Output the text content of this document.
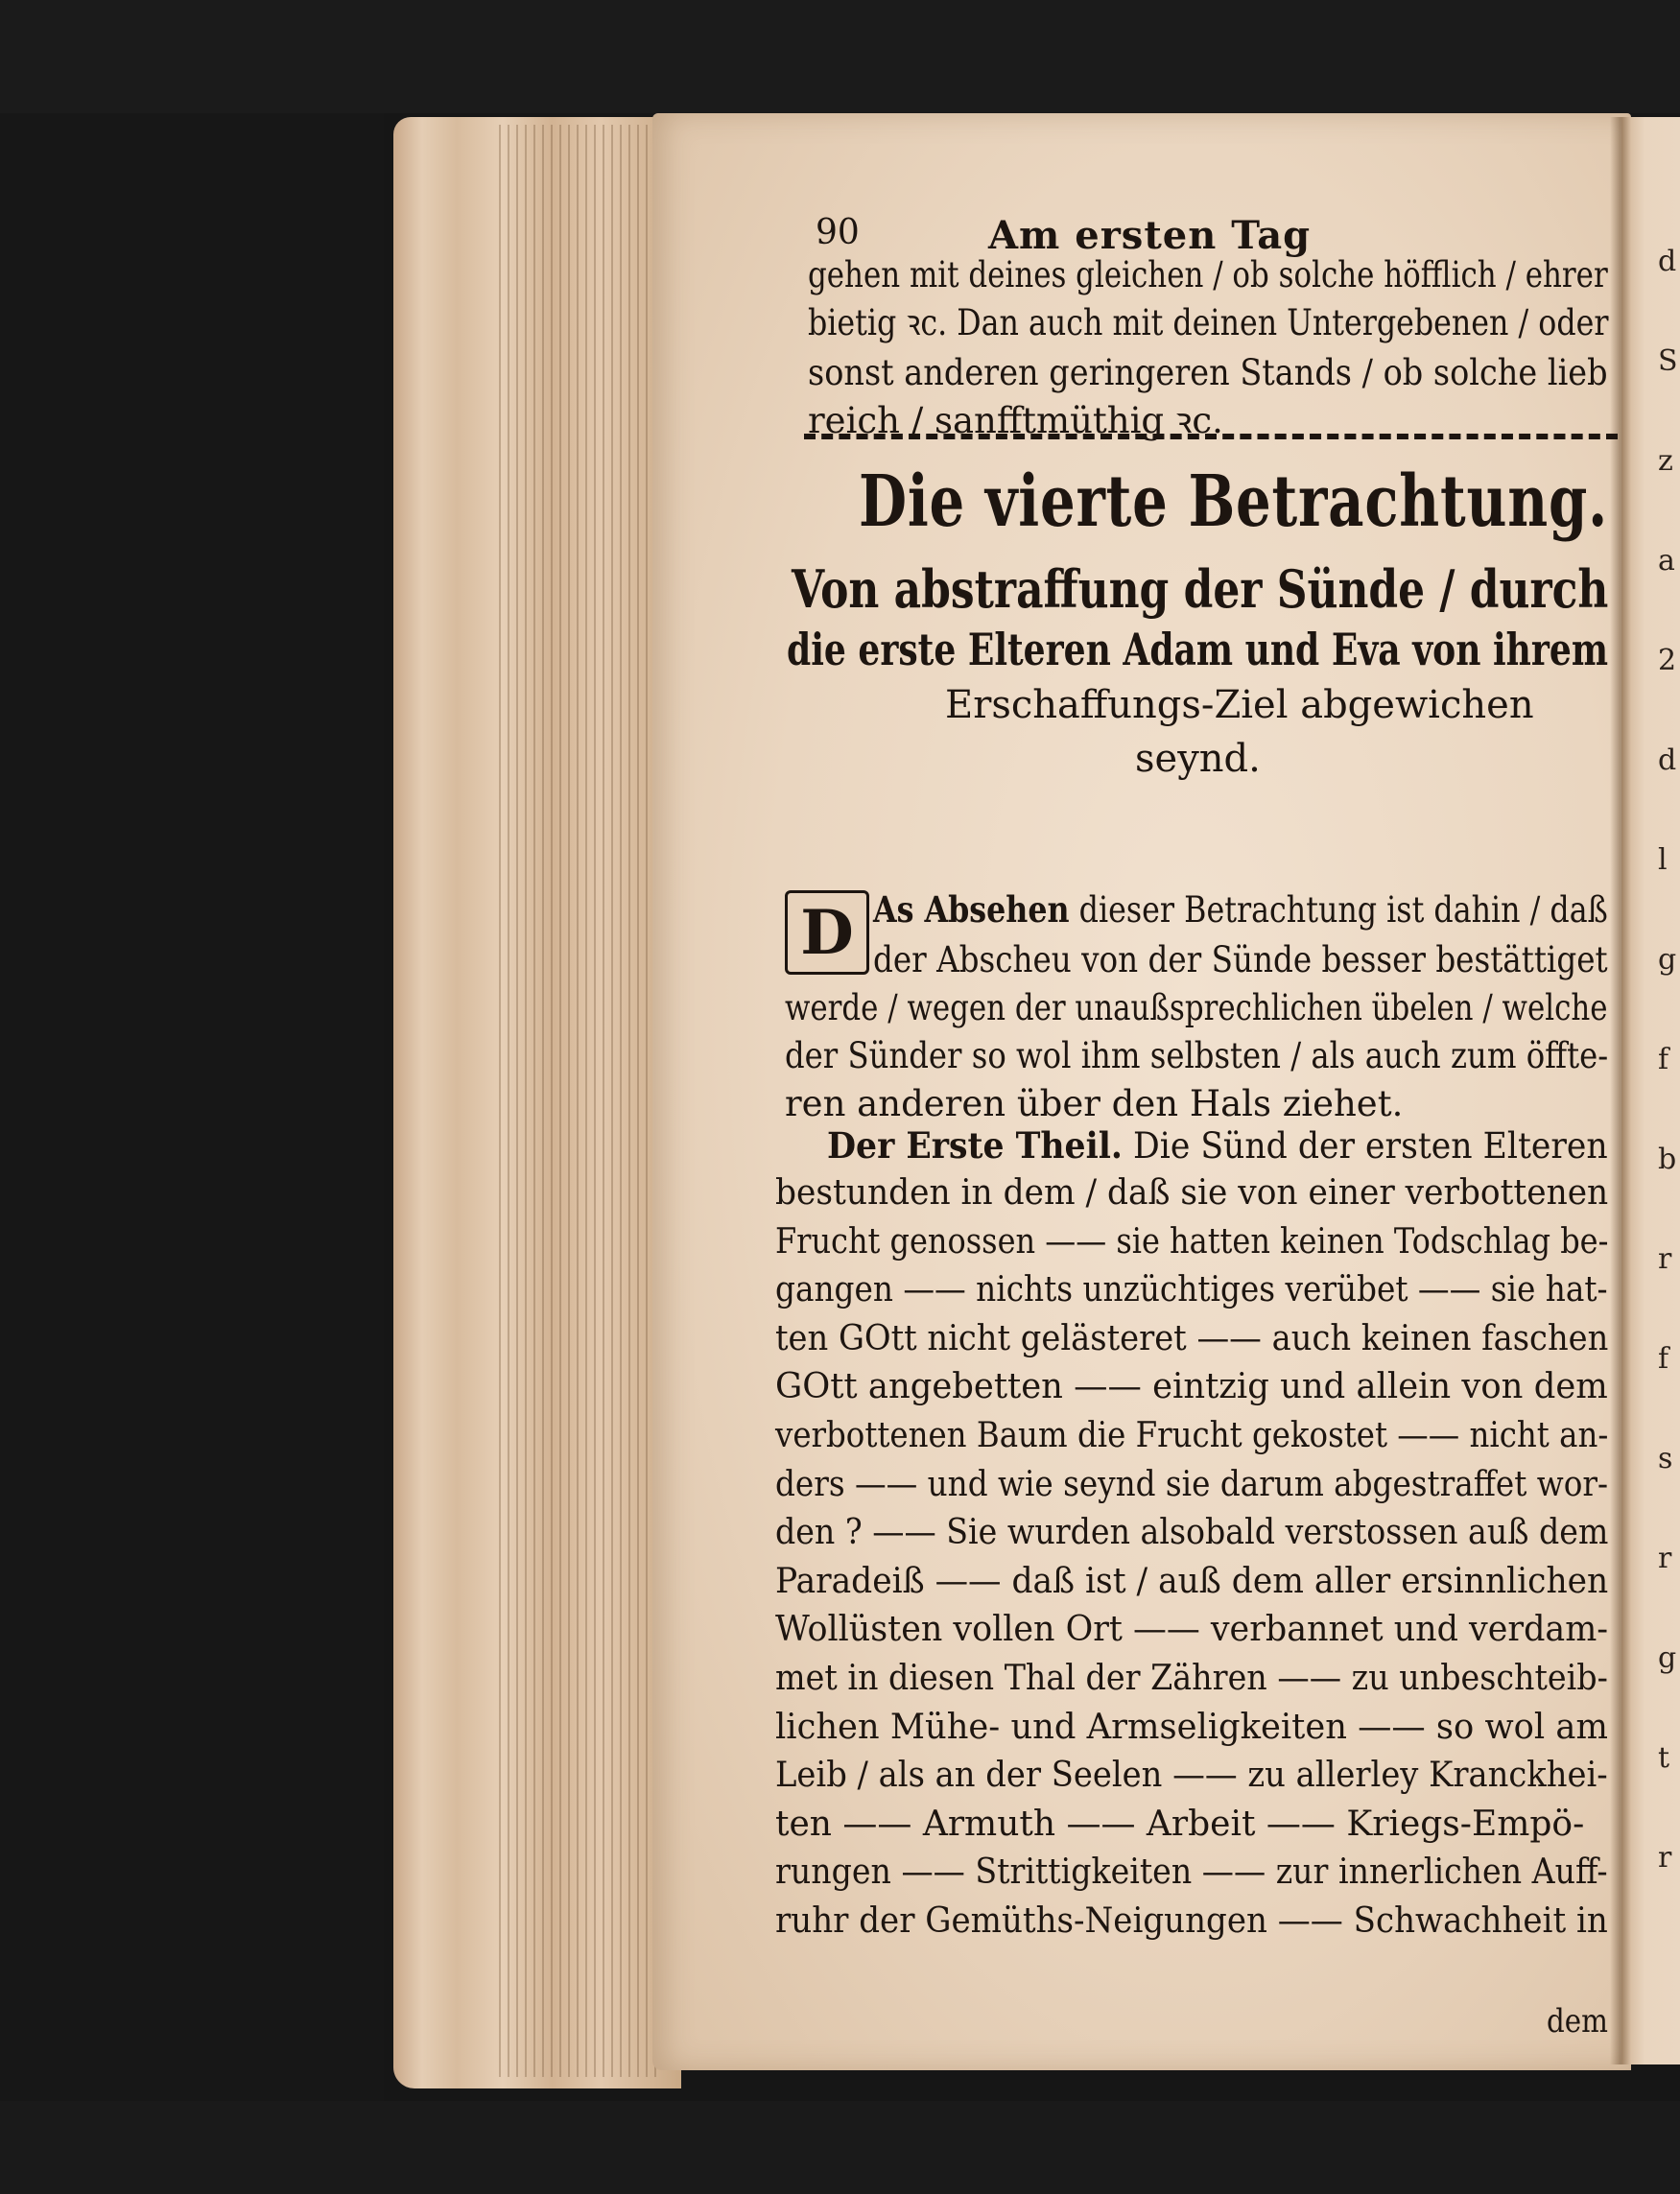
d
S
z
a
2
d
l
g
f
b
r
f
s
r
g
t
r
90	Am ersten Tag
gehen mit deines gleichen / ob solche höfflich / ehrer
bietig ꝛc. Dan auch mit deinen Untergebenen / oder
sonst anderen geringeren Stands / ob solche lieb
reich / sanfftmüthig ꝛc.
Die vierte Betrachtung.
Von abstraffung der Sünde / durch
die erste Elteren Adam und Eva von ihrem
Erschaffungs-Ziel abgewichen
seynd.
D As Absehen dieser Betrachtung ist dahin / daß
der Abscheu von der Sünde besser bestättiget
werde / wegen der unaußsprechlichen übelen / welche
der Sünder so wol ihm selbsten / als auch zum öffte-
ren anderen über den Hals ziehet.
Der Erste Theil. Die Sünd der ersten Elteren
bestunden in dem / daß sie von einer verbottenen
Frucht genossen —— sie hatten keinen Todschlag be-
gangen —— nichts unzüchtiges verübet —— sie hat-
ten GOtt nicht gelästeret —— auch keinen faschen
GOtt angebetten —— eintzig und allein von dem
verbottenen Baum die Frucht gekostet —— nicht an-
ders —— und wie seynd sie darum abgestraffet wor-
den ? —— Sie wurden alsobald verstossen auß dem
Paradeiß —— daß ist / auß dem aller ersinnlichen
Wollüsten vollen Ort —— verbannet und verdam-
met in diesen Thal der Zähren —— zu unbeschteib-
lichen Mühe- und Armseligkeiten —— so wol am
Leib / als an der Seelen —— zu allerley Kranckhei-
ten —— Armuth —— Arbeit —— Kriegs-Empö-
rungen —— Strittigkeiten —— zur innerlichen Auff-
ruhr der Gemüths-Neigungen —— Schwachheit in
dem
